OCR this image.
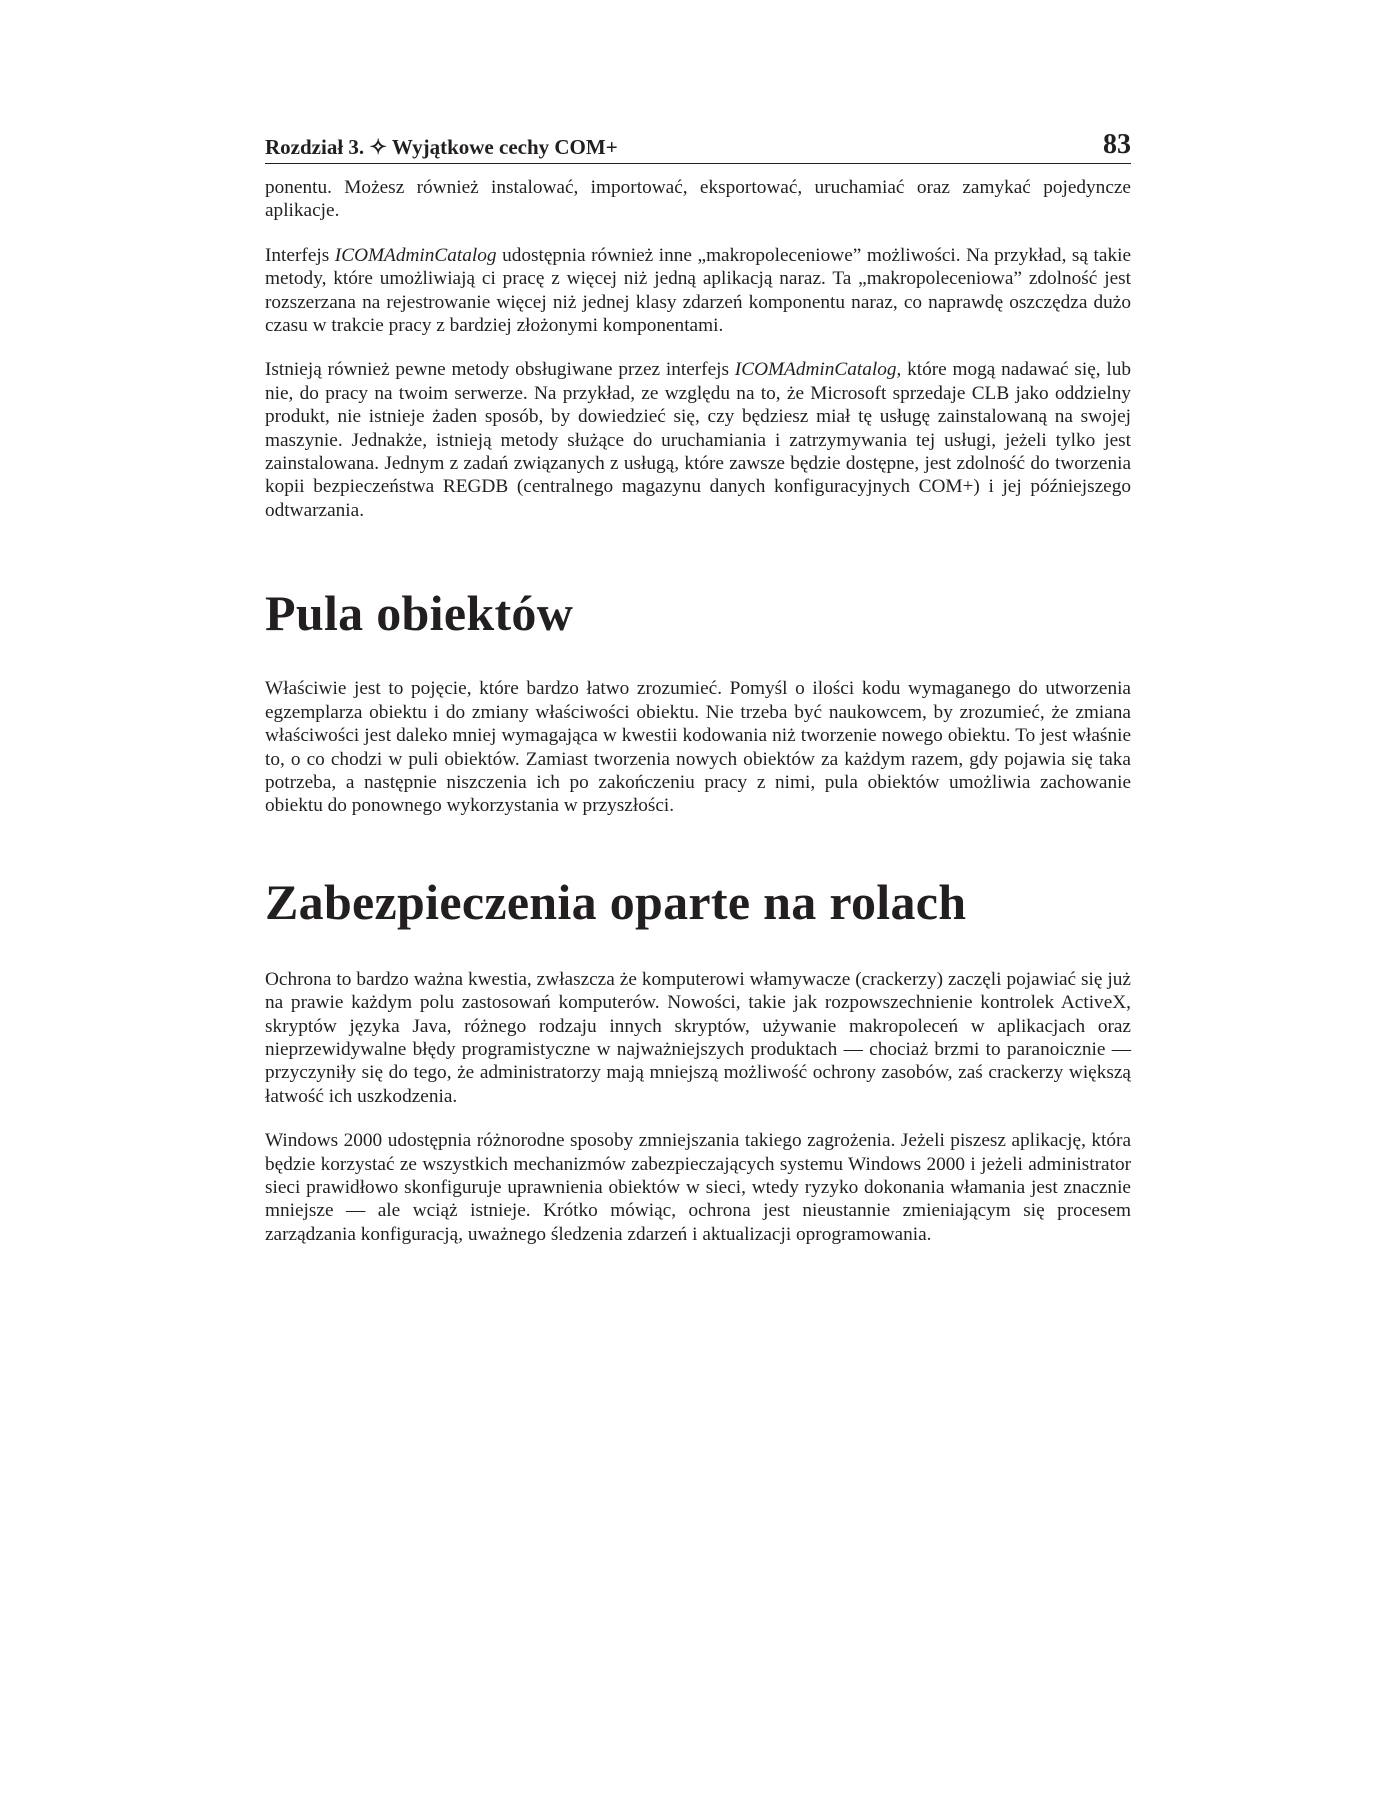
Rozdział 3. ✧ Wyjątkowe cechy COM+	83

ponentu. Możesz również instalować, importować, eksportować, uruchamiać oraz zamykać pojedyncze aplikacje.

Interfejs ICOMAdminCatalog udostępnia również inne „makropoleceniowe” możliwości. Na przykład, są takie metody, które umożliwiają ci pracę z więcej niż jedną aplikacją naraz. Ta „makropoleceniowa” zdolność jest rozszerzana na rejestrowanie więcej niż jednej klasy zdarzeń komponentu naraz, co naprawdę oszczędza dużo czasu w trakcie pracy z bardziej złożonymi komponentami.

Istnieją również pewne metody obsługiwane przez interfejs ICOMAdminCatalog, które mogą nadawać się, lub nie, do pracy na twoim serwerze. Na przykład, ze względu na to, że Microsoft sprzedaje CLB jako oddzielny produkt, nie istnieje żaden sposób, by dowiedzieć się, czy będziesz miał tę usługę zainstalowaną na swojej maszynie. Jednakże, istnieją metody służące do uruchamiania i zatrzymywania tej usługi, jeżeli tylko jest zainstalowana. Jednym z zadań związanych z usługą, które zawsze będzie dostępne, jest zdolność do tworzenia kopii bezpieczeństwa REGDB (centralnego magazynu danych konfiguracyjnych COM+) i jej późniejszego odtwarzania.

Pula obiektów

Właściwie jest to pojęcie, które bardzo łatwo zrozumieć. Pomyśl o ilości kodu wymaganego do utworzenia egzemplarza obiektu i do zmiany właściwości obiektu. Nie trzeba być naukowcem, by zrozumieć, że zmiana właściwości jest daleko mniej wymagająca w kwestii kodowania niż tworzenie nowego obiektu. To jest właśnie to, o co chodzi w puli obiektów. Zamiast tworzenia nowych obiektów za każdym razem, gdy pojawia się taka potrzeba, a następnie niszczenia ich po zakończeniu pracy z nimi, pula obiektów umożliwia zachowanie obiektu do ponownego wykorzystania w przyszłości.

Zabezpieczenia oparte na rolach

Ochrona to bardzo ważna kwestia, zwłaszcza że komputerowi włamywacze (crackerzy) zaczęli pojawiać się już na prawie każdym polu zastosowań komputerów. Nowości, takie jak rozpowszechnienie kontrolek ActiveX, skryptów języka Java, różnego rodzaju innych skryptów, używanie makropoleceń w aplikacjach oraz nieprzewidywalne błędy programistyczne w najważniejszych produktach — chociaż brzmi to paranoicznie — przyczyniły się do tego, że administratorzy mają mniejszą możliwość ochrony zasobów, zaś crackerzy większą łatwość ich uszkodzenia.

Windows 2000 udostępnia różnorodne sposoby zmniejszania takiego zagrożenia. Jeżeli piszesz aplikację, która będzie korzystać ze wszystkich mechanizmów zabezpieczających systemu Windows 2000 i jeżeli administrator sieci prawidłowo skonfiguruje uprawnienia obiektów w sieci, wtedy ryzyko dokonania włamania jest znacznie mniejsze — ale wciąż istnieje. Krótko mówiąc, ochrona jest nieustannie zmieniającym się procesem zarządzania konfiguracją, uważnego śledzenia zdarzeń i aktualizacji oprogramowania.
